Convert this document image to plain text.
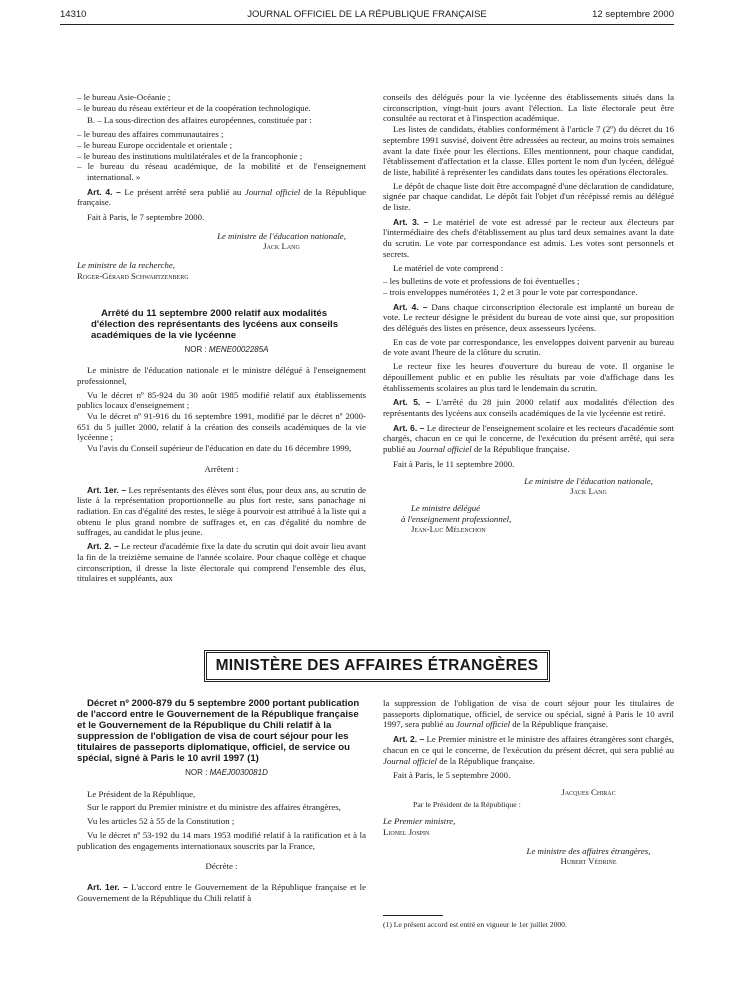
14310	JOURNAL OFFICIEL DE LA RÉPUBLIQUE FRANÇAISE	12 septembre 2000

– le bureau Asie-Océanie ;

– le bureau du réseau extérieur et de la coopération technologique.

B. – La sous-direction des affaires européennes, constituée par :

– le bureau des affaires communautaires ;

– le bureau Europe occidentale et orientale ;

– le bureau des institutions multilatérales et de la francophonie ;

– le bureau du réseau académique, de la mobilité et de l'enseignement international. »

Art. 4. – Le présent arrêté sera publié au Journal officiel de la République française.

Fait à Paris, le 7 septembre 2000.

Le ministre de l'éducation nationale,

Jack Lang

Le ministre de la recherche,

Roger-Gérard Schwartzenberg

Arrêté du 11 septembre 2000 relatif aux modalités d'élection des représentants des lycéens aux conseils académiques de la vie lycéenne

NOR : MENE0002285A

Le ministre de l'éducation nationale et le ministre délégué à l'enseignement professionnel,

Vu le décret nº 85-924 du 30 août 1985 modifié relatif aux établissements publics locaux d'enseignement ;

Vu le décret nº 91-916 du 16 septembre 1991, modifié par le décret nº 2000-651 du 5 juillet 2000, relatif à la création des conseils académiques de la vie lycéenne ;

Vu l'avis du Conseil supérieur de l'éducation en date du 16 décembre 1999,

Arrêtent :

Art. 1er. – Les représentants des élèves sont élus, pour deux ans, au scrutin de liste à la représentation proportionnelle au plus fort reste, sans panachage ni radiation. En cas d'égalité des restes, le siège à pourvoir est attribué à la liste qui a obtenu le plus grand nombre de suffrages et, en cas d'égalité du nombre de suffrages, au candidat le plus jeune.

Art. 2. – Le recteur d'académie fixe la date du scrutin qui doit avoir lieu avant la fin de la treizième semaine de l'année scolaire. Pour chaque collège et chaque circonscription, il dresse la liste électorale qui comprend l'ensemble des élus, titulaires et suppléants, aux

conseils des délégués pour la vie lycéenne des établissements situés dans la circonscription, vingt-huit jours avant l'élection. La liste électorale peut être consultée au rectorat et à l'inspection académique.

Les listes de candidats, établies conformément à l'article 7 (2º) du décret du 16 septembre 1991 susvisé, doivent être adressées au recteur, au moins trois semaines avant la date fixée pour les élections. Elles mentionnent, pour chaque candidat, l'établissement d'affectation et la classe. Elles portent le nom d'un lycéen, délégué de liste, habilité à représenter les candidats dans toutes les opérations électorales.

Le dépôt de chaque liste doit être accompagné d'une déclaration de candidature, signée par chaque candidat. Le dépôt fait l'objet d'un récépissé remis au délégué de liste.

Art. 3. – Le matériel de vote est adressé par le recteur aux électeurs par l'intermédiaire des chefs d'établissement au plus tard deux semaines avant la date du scrutin. Le vote par correspondance est admis. Les votes sont personnels et secrets.

Le matériel de vote comprend :

– les bulletins de vote et professions de foi éventuelles ;

– trois enveloppes numérotées 1, 2 et 3 pour le vote par correspondance.

Art. 4. – Dans chaque circonscription électorale est implanté un bureau de vote. Le recteur désigne le président du bureau de vote ainsi que, sur proposition des délégués des listes en présence, deux assesseurs lycéens.

En cas de vote par correspondance, les enveloppes doivent parvenir au bureau de vote avant l'heure de la clôture du scrutin.

Le recteur fixe les heures d'ouverture du bureau de vote. Il organise le dépouillement public et en publie les résultats par voie d'affichage dans les établissements scolaires au plus tard le lendemain du scrutin.

Art. 5. – L'arrêté du 28 juin 2000 relatif aux modalités d'élection des représentants des lycéens aux conseils académiques de la vie lycéenne est retiré.

Art. 6. – Le directeur de l'enseignement scolaire et les recteurs d'académie sont chargés, chacun en ce qui le concerne, de l'exécution du présent arrêté, qui sera publié au Journal officiel de la République française.

Fait à Paris, le 11 septembre 2000.

Le ministre de l'éducation nationale,

Jack Lang

Le ministre délégué

à l'enseignement professionnel,

Jean-Luc Mélenchon

MINISTÈRE DES AFFAIRES ÉTRANGÈRES

Décret nº 2000-879 du 5 septembre 2000 portant publication de l'accord entre le Gouvernement de la République française et le Gouvernement de la République du Chili relatif à la suppression de l'obligation de visa de court séjour pour les titulaires de passeports diplomatique, officiel, de service ou spécial, signé à Paris le 10 avril 1997 (1)

NOR : MAEJ0030081D

Le Président de la République,

Sur le rapport du Premier ministre et du ministre des affaires étrangères,

Vu les articles 52 à 55 de la Constitution ;

Vu le décret nº 53-192 du 14 mars 1953 modifié relatif à la ratification et à la publication des engagements internationaux souscrits par la France,

Décrète :

Art. 1er. – L'accord entre le Gouvernement de la République française et le Gouvernement de la République du Chili relatif à

la suppression de l'obligation de visa de court séjour pour les titulaires de passeports diplomatique, officiel, de service ou spécial, signé à Paris le 10 avril 1997, sera publié au Journal officiel de la République française.

Art. 2. – Le Premier ministre et le ministre des affaires étrangères sont chargés, chacun en ce qui le concerne, de l'exécution du présent décret, qui sera publié au Journal officiel de la République française.

Fait à Paris, le 5 septembre 2000.

Jacques Chirac

Par le Président de la République :

Le Premier ministre,

Lionel Jospin

Le ministre des affaires étrangères,

Hubert Védrine

(1) Le présent accord est entré en vigueur le 1er juillet 2000.
